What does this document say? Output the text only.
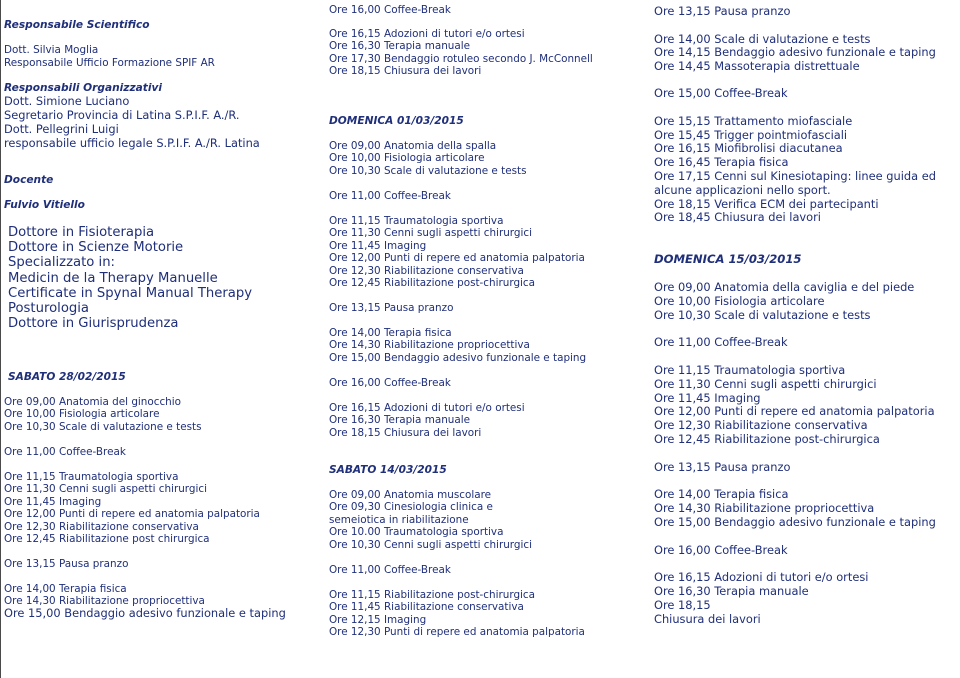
Responsabile Scientifico
Dott. Silvia Moglia
Responsabile Ufficio Formazione SPIF AR
Responsabili Organizzativi
Dott. Simione Luciano
Segretario Provincia di Latina S.P.I.F. A./R.
Dott. Pellegrini Luigi
responsabile ufficio legale S.P.I.F. A./R. Latina
Docente
Fulvio Vitiello
Dottore in Fisioterapia
Dottore in Scienze Motorie
Specializzato in:
Medicin de la Therapy Manuelle
Certificate in Spynal Manual Therapy
Posturologia
Dottore in Giurisprudenza
SABATO 28/02/2015
Ore 09,00 Anatomia del ginocchio
Ore 10,00 Fisiologia articolare
Ore 10,30 Scale di valutazione e tests
Ore 11,00 Coffee-Break
Ore 11,15 Traumatologia sportiva
Ore 11,30 Cenni sugli aspetti chirurgici
Ore 11,45 Imaging
Ore 12,00 Punti di repere ed anatomia palpatoria
Ore 12,30 Riabilitazione conservativa
Ore 12,45 Riabilitazione post chirurgica
Ore 13,15 Pausa pranzo
Ore 14,00 Terapia fisica
Ore 14,30 Riabilitazione propriocettiva
Ore 15,00 Bendaggio adesivo funzionale e taping
Ore 16,00 Coffee-Break
Ore 16,15 Adozioni di tutori e/o ortesi
Ore 16,30 Terapia manuale
Ore 17,30 Bendaggio rotuleo secondo J. McConnell
Ore 18,15 Chiusura dei lavori
DOMENICA 01/03/2015
Ore 09,00 Anatomia della spalla
Ore 10,00 Fisiologia articolare
Ore 10,30 Scale di valutazione e tests
Ore 11,00 Coffee-Break
Ore 11,15 Traumatologia sportiva
Ore 11,30 Cenni sugli aspetti chirurgici
Ore 11,45 Imaging
Ore 12,00 Punti di repere ed anatomia palpatoria
Ore 12,30 Riabilitazione conservativa
Ore 12,45 Riabilitazione post-chirurgica
Ore 13,15 Pausa pranzo
Ore 14,00 Terapia fisica
Ore 14,30 Riabilitazione propriocettiva
Ore 15,00 Bendaggio adesivo funzionale e taping
Ore 16,00 Coffee-Break
Ore 16,15 Adozioni di tutori e/o ortesi
Ore 16,30 Terapia manuale
Ore 18,15 Chiusura dei lavori
SABATO 14/03/2015
Ore 09,00 Anatomia muscolare
Ore 09,30 Cinesiologia clinica e
semeiotica in riabilitazione
Ore 10.00 Traumatologia sportiva
Ore 10,30 Cenni sugli aspetti chirurgici
Ore 11,00 Coffee-Break
Ore 11,15 Riabilitazione post-chirurgica
Ore 11,45 Riabilitazione conservativa
Ore 12,15 Imaging
Ore 12,30 Punti di repere ed anatomia palpatoria
Ore 13,15 Pausa pranzo
Ore 14,00 Scale di valutazione e tests
Ore 14,15 Bendaggio adesivo funzionale e taping
Ore 14,45 Massoterapia distrettuale
Ore 15,00 Coffee-Break
Ore 15,15 Trattamento miofasciale
Ore 15,45 Trigger pointmiofasciali
Ore 16,15 Miofibrolisi diacutanea
Ore 16,45 Terapia fisica
Ore 17,15 Cenni sul Kinesiotaping: linee guida ed
alcune applicazioni nello sport.
Ore 18,15 Verifica ECM dei partecipanti
Ore 18,45 Chiusura dei lavori
DOMENICA 15/03/2015
Ore 09,00 Anatomia della caviglia e del piede
Ore 10,00 Fisiologia articolare
Ore 10,30 Scale di valutazione e tests
Ore 11,00 Coffee-Break
Ore 11,15 Traumatologia sportiva
Ore 11,30 Cenni sugli aspetti chirurgici
Ore 11,45 Imaging
Ore 12,00 Punti di repere ed anatomia palpatoria
Ore 12,30 Riabilitazione conservativa
Ore 12,45 Riabilitazione post-chirurgica
Ore 13,15 Pausa pranzo
Ore 14,00 Terapia fisica
Ore 14,30 Riabilitazione propriocettiva
Ore 15,00 Bendaggio adesivo funzionale e taping
Ore 16,00 Coffee-Break
Ore 16,15 Adozioni di tutori e/o ortesi
Ore 16,30 Terapia manuale
Ore 18,15
Chiusura dei lavori
